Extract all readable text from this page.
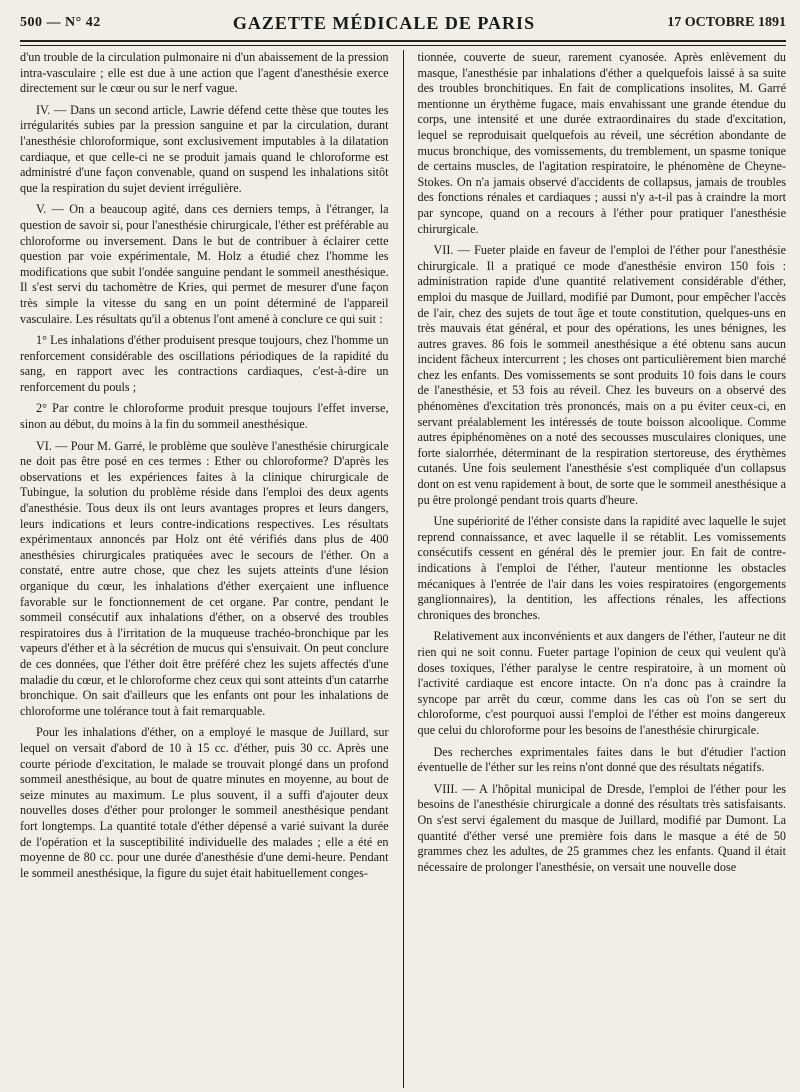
500 — N° 42	GAZETTE MÉDICALE DE PARIS	17 OCTOBRE 1891

d'un trouble de la circulation pulmonaire ni d'un abaissement de la pression intra-vasculaire ; elle est due à une action que l'agent d'anesthésie exerce directement sur le cœur ou sur le nerf vague.

IV. — Dans un second article, Lawrie défend cette thèse que toutes les irrégularités subies par la pression sanguine et par la circulation, durant l'anesthésie chloroformique, sont exclusivement imputables à la dilatation cardiaque, et que celle-ci ne se produit jamais quand le chloroforme est administré d'une façon convenable, quand on suspend les inhalations sitôt que la respiration du sujet devient irrégulière.

V. — On a beaucoup agité, dans ces derniers temps, à l'étranger, la question de savoir si, pour l'anesthésie chirurgicale, l'éther est préférable au chloroforme ou inversement. Dans le but de contribuer à éclairer cette question par voie expérimentale, M. Holz a étudié chez l'homme les modifications que subit l'ondée sanguine pendant le sommeil anesthésique. Il s'est servi du tachomètre de Kries, qui permet de mesurer d'une façon très simple la vitesse du sang en un point déterminé de l'appareil vasculaire. Les résultats qu'il a obtenus l'ont amené à conclure ce qui suit :

1° Les inhalations d'éther produisent presque toujours, chez l'homme un renforcement considérable des oscillations périodiques de la rapidité du sang, en rapport avec les contractions cardiaques, c'est-à-dire un renforcement du pouls ;

2° Par contre le chloroforme produit presque toujours l'effet inverse, sinon au début, du moins à la fin du sommeil anesthésique.

VI. — Pour M. Garré, le problème que soulève l'anesthésie chirurgicale ne doit pas être posé en ces termes : Ether ou chloroforme? D'après les observations et les expériences faites à la clinique chirurgicale de Tubingue, la solution du problème réside dans l'emploi des deux agents d'anesthésie. Tous deux ils ont leurs avantages propres et leurs dangers, leurs indications et leurs contre-indications respectives. Les résultats expérimentaux annoncés par Holz ont été vérifiés dans plus de 400 anesthésies chirurgicales pratiquées avec le secours de l'éther. On a constaté, entre autre chose, que chez les sujets atteints d'une lésion organique du cœur, les inhalations d'éther exerçaient une influence favorable sur le fonctionnement de cet organe. Par contre, pendant le sommeil consécutif aux inhalations d'éther, on a observé des troubles respiratoires dus à l'irritation de la muqueuse trachéo-bronchique par les vapeurs d'éther et à la sécrétion de mucus qui s'ensuivait. On peut conclure de ces données, que l'éther doit être préféré chez les sujets affectés d'une maladie du cœur, et le chloroforme chez ceux qui sont atteints d'un catarrhe bronchique. On sait d'ailleurs que les enfants ont pour les inhalations de chloroforme une tolérance tout à fait remarquable.

Pour les inhalations d'éther, on a employé le masque de Juillard, sur lequel on versait d'abord de 10 à 15 cc. d'éther, puis 30 cc. Après une courte période d'excitation, le malade se trouvait plongé dans un profond sommeil anesthésique, au bout de quatre minutes en moyenne, au bout de seize minutes au maximum. Le plus souvent, il a suffi d'ajouter deux nouvelles doses d'éther pour prolonger le sommeil anesthésique pendant fort longtemps. La quantité totale d'éther dépensé a varié suivant la durée de l'opération et la susceptibilité individuelle des malades ; elle a été en moyenne de 80 cc. pour une durée d'anesthésie d'une demi-heure. Pendant le sommeil anesthésique, la figure du sujet était habituellement conges-

tionnée, couverte de sueur, rarement cyanosée. Après enlèvement du masque, l'anesthésie par inhalations d'éther a quelquefois laissé à sa suite des troubles bronchitiques. En fait de complications insolites, M. Garré mentionne un érythème fugace, mais envahissant une grande étendue du corps, une intensité et une durée extraordinaires du stade d'excitation, lequel se reproduisait quelquefois au réveil, une sécrétion abondante de mucus bronchique, des vomissements, du tremblement, un spasme tonique de certains muscles, de l'agitation respiratoire, le phénomène de Cheyne-Stokes. On n'a jamais observé d'accidents de collapsus, jamais de troubles des fonctions rénales et cardiaques ; aussi n'y a-t-il pas à craindre la mort par syncope, quand on a recours à l'éther pour pratiquer l'anesthésie chirurgicale.

VII. — Fueter plaide en faveur de l'emploi de l'éther pour l'anesthésie chirurgicale. Il a pratiqué ce mode d'anesthésie environ 150 fois : administration rapide d'une quantité relativement considérable d'éther, emploi du masque de Juillard, modifié par Dumont, pour empêcher l'accès de l'air, chez des sujets de tout âge et toute constitution, quelques-uns en très mauvais état général, et pour des opérations, les unes bénignes, les autres graves. 86 fois le sommeil anesthésique a été obtenu sans aucun incident fâcheux intercurrent ; les choses ont particulièrement bien marché chez les enfants. Des vomissements se sont produits 10 fois dans le cours de l'anesthésie, et 53 fois au réveil. Chez les buveurs on a observé des phénomènes d'excitation très prononcés, mais on a pu éviter ceux-ci, en servant préalablement les intéressés de toute boisson alcoolique. Comme autres épiphénomènes on a noté des secousses musculaires cloniques, une forte sialorrhée, déterminant de la respiration stertoreuse, des érythèmes cutanés. Une fois seulement l'anesthésie s'est compliquée d'un collapsus dont on est venu rapidement à bout, de sorte que le sommeil anesthésique a pu être prolongé pendant trois quarts d'heure.

Une supériorité de l'éther consiste dans la rapidité avec laquelle le sujet reprend connaissance, et avec laquelle il se rétablit. Les vomissements consécutifs cessent en général dès le premier jour. En fait de contre-indications à l'emploi de l'éther, l'auteur mentionne les obstacles mécaniques à l'entrée de l'air dans les voies respiratoires (engorgements ganglionnaires), la dentition, les affections rénales, les affections chroniques des bronches.

Relativement aux inconvénients et aux dangers de l'éther, l'auteur ne dit rien qui ne soit connu. Fueter partage l'opinion de ceux qui veulent qu'à doses toxiques, l'éther paralyse le centre respiratoire, à un moment où l'activité cardiaque est encore intacte. On n'a donc pas à craindre la syncope par arrêt du cœur, comme dans les cas où l'on se sert du chloroforme, c'est pourquoi aussi l'emploi de l'éther est moins dangereux que celui du chloroforme pour les besoins de l'anesthésie chirurgicale.

Des recherches exprimentales faites dans le but d'étudier l'action éventuelle de l'éther sur les reins n'ont donné que des résultats négatifs.

VIII. — A l'hôpital municipal de Dresde, l'emploi de l'éther pour les besoins de l'anesthésie chirurgicale a donné des résultats très satisfaisants. On s'est servi également du masque de Juillard, modifié par Dumont. La quantité d'éther versé une première fois dans le masque a été de 50 grammes chez les adultes, de 25 grammes chez les enfants. Quand il était nécessaire de prolonger l'anesthésie, on versait une nouvelle dose
